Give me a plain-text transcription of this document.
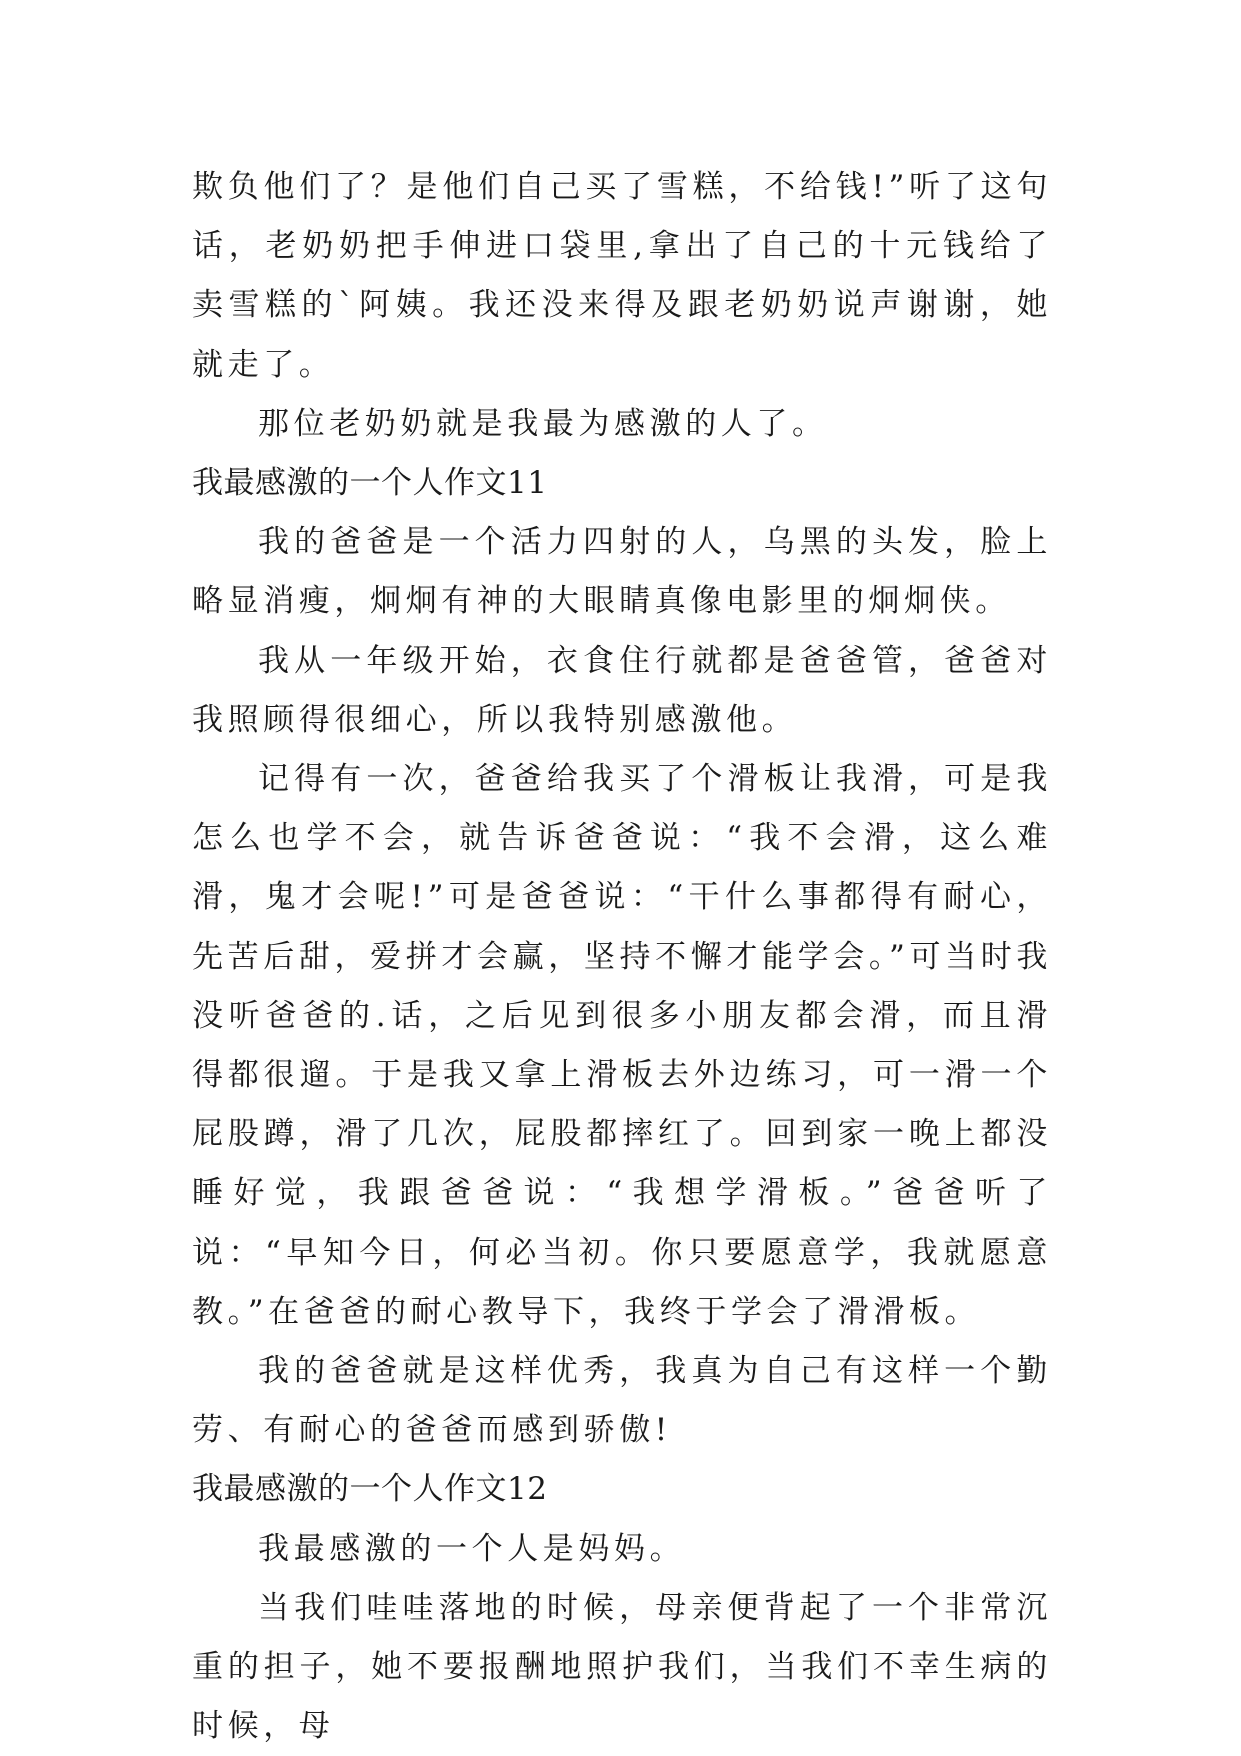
欺负他们了？是他们自己买了雪糕，不给钱!”听了这句话，老奶奶把手伸进口袋里,拿出了自己的十元钱给了卖雪糕的`阿姨。我还没来得及跟老奶奶说声谢谢，她就走了。

那位老奶奶就是我最为感激的人了。

我最感激的一个人作文11

我的爸爸是一个活力四射的人，乌黑的头发，脸上略显消瘦，炯炯有神的大眼睛真像电影里的炯炯侠。

我从一年级开始，衣食住行就都是爸爸管，爸爸对我照顾得很细心，所以我特别感激他。

记得有一次，爸爸给我买了个滑板让我滑，可是我怎么也学不会，就告诉爸爸说：“我不会滑，这么难滑，鬼才会呢!”可是爸爸说：“干什么事都得有耐心，先苦后甜，爱拼才会赢，坚持不懈才能学会。”可当时我没听爸爸的.话，之后见到很多小朋友都会滑，而且滑得都很遛。于是我又拿上滑板去外边练习，可一滑一个屁股蹲，滑了几次，屁股都摔红了。回到家一晚上都没睡好觉，我跟爸爸说：“我想学滑板。”爸爸听了说：“早知今日，何必当初。你只要愿意学，我就愿意教。”在爸爸的耐心教导下，我终于学会了滑滑板。

我的爸爸就是这样优秀，我真为自己有这样一个勤劳、有耐心的爸爸而感到骄傲!

我最感激的一个人作文12

我最感激的一个人是妈妈。

当我们哇哇落地的时候，母亲便背起了一个非常沉重的担子，她不要报酬地照护我们，当我们不幸生病的时候，母
